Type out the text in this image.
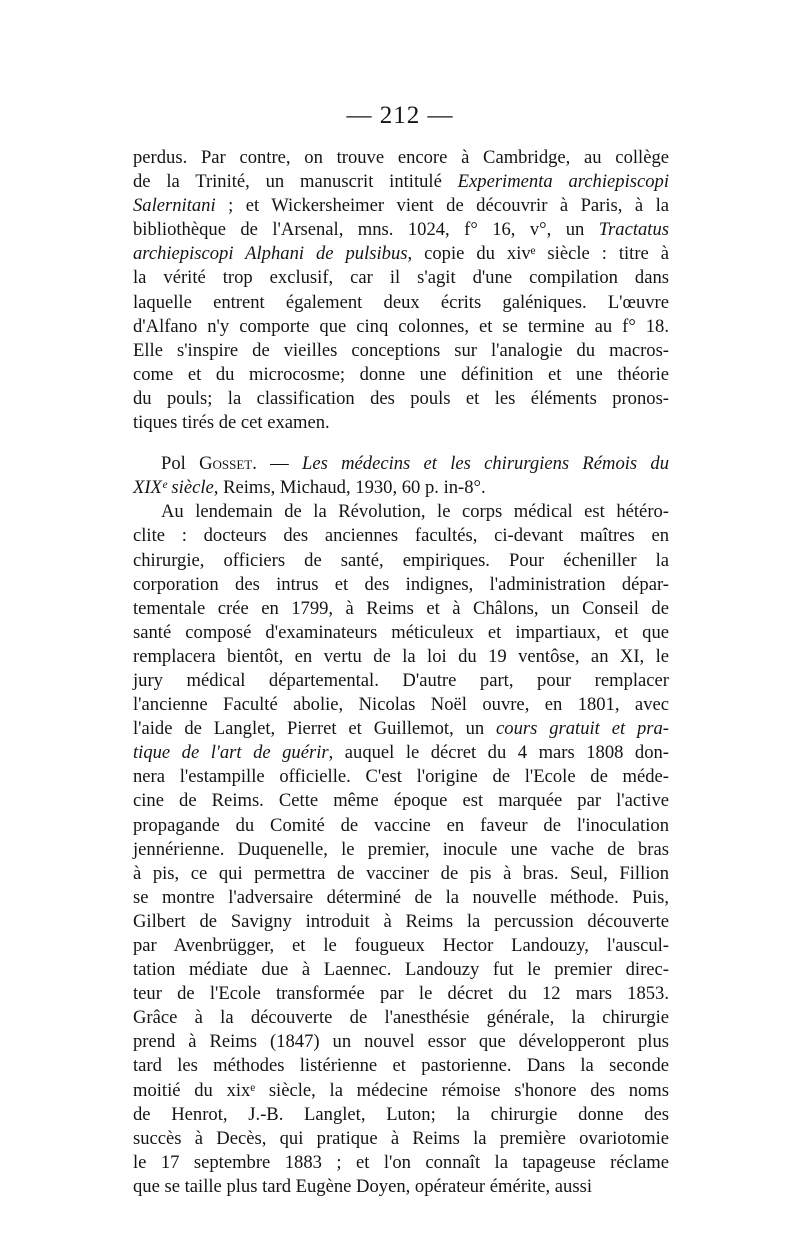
— 212 —
perdus. Par contre, on trouve encore à Cambridge, au collège
de la Trinité, un manuscrit intitulé Experimenta archiepiscopi
Salernitani ; et Wickersheimer vient de découvrir à Paris, à la
bibliothèque de l'Arsenal, mns. 1024, f° 16, v°, un Tractatus
archiepiscopi Alphani de pulsibus, copie du xivᵉ siècle : titre à
la vérité trop exclusif, car il s'agit d'une compilation dans
laquelle entrent également deux écrits galéniques. L'œuvre
d'Alfano n'y comporte que cinq colonnes, et se termine au f° 18.
Elle s'inspire de vieilles conceptions sur l'analogie du macros-
come et du microcosme; donne une définition et une théorie
du pouls; la classification des pouls et les éléments pronos-
tiques tirés de cet examen.
Pol Gosset. — Les médecins et les chirurgiens Rémois du
XIXᵉ siècle, Reims, Michaud, 1930, 60 p. in-8°.
Au lendemain de la Révolution, le corps médical est hétéro-
clite : docteurs des anciennes facultés, ci-devant maîtres en
chirurgie, officiers de santé, empiriques. Pour écheniller la
corporation des intrus et des indignes, l'administration dépar-
tementale crée en 1799, à Reims et à Châlons, un Conseil de
santé composé d'examinateurs méticuleux et impartiaux, et que
remplacera bientôt, en vertu de la loi du 19 ventôse, an XI, le
jury médical départemental. D'autre part, pour remplacer
l'ancienne Faculté abolie, Nicolas Noël ouvre, en 1801, avec
l'aide de Langlet, Pierret et Guillemot, un cours gratuit et pra-
tique de l'art de guérir, auquel le décret du 4 mars 1808 don-
nera l'estampille officielle. C'est l'origine de l'Ecole de méde-
cine de Reims. Cette même époque est marquée par l'active
propagande du Comité de vaccine en faveur de l'inoculation
jennérienne. Duquenelle, le premier, inocule une vache de bras
à pis, ce qui permettra de vacciner de pis à bras. Seul, Fillion
se montre l'adversaire déterminé de la nouvelle méthode. Puis,
Gilbert de Savigny introduit à Reims la percussion découverte
par Avenbrügger, et le fougueux Hector Landouzy, l'auscul-
tation médiate due à Laennec. Landouzy fut le premier direc-
teur de l'Ecole transformée par le décret du 12 mars 1853.
Grâce à la découverte de l'anesthésie générale, la chirurgie
prend à Reims (1847) un nouvel essor que développeront plus
tard les méthodes listérienne et pastorienne. Dans la seconde
moitié du xixᵉ siècle, la médecine rémoise s'honore des noms
de Henrot, J.-B. Langlet, Luton; la chirurgie donne des
succès à Decès, qui pratique à Reims la première ovariotomie
le 17 septembre 1883 ; et l'on connaît la tapageuse réclame
que se taille plus tard Eugène Doyen, opérateur émérite, aussi
